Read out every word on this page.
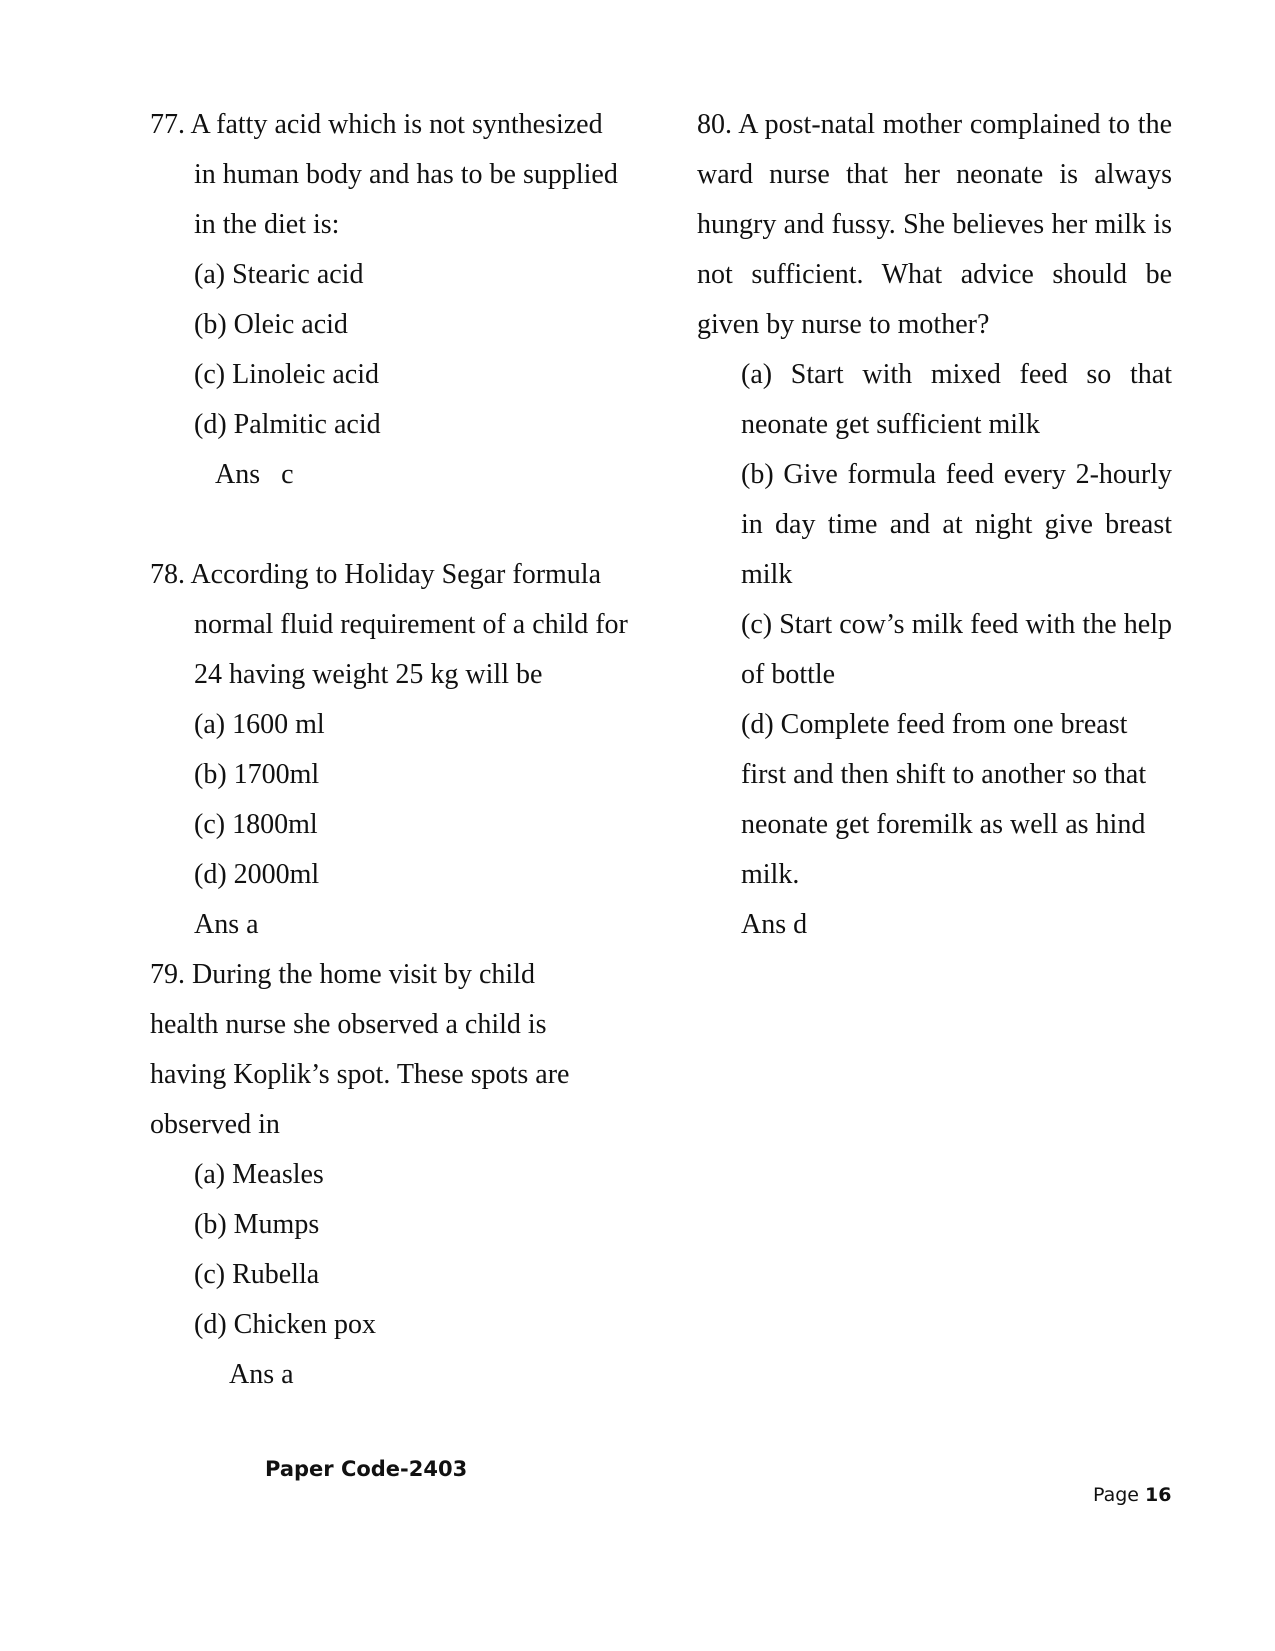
77. A fatty acid which is not synthesized in human body and has to be supplied in the diet is:

(a) Stearic acid

(b) Oleic acid

(c) Linoleic acid

(d) Palmitic acid

Ans   c

78. According to Holiday Segar formula normal fluid requirement of a child for 24 having weight 25 kg will be

(a) 1600 ml

(b) 1700ml

(c) 1800ml

(d) 2000ml

Ans a

79. During the home visit by child health nurse she observed a child is having Koplik’s spot. These spots are observed in

(a) Measles

(b) Mumps

(c) Rubella

(d) Chicken pox

Ans a

80. A post-natal mother complained to the ward nurse that her neonate is always hungry and fussy. She believes her milk is not sufficient. What advice should be given by nurse to mother?

(a) Start with mixed feed so that neonate get sufficient milk

(b) Give formula feed every 2-hourly in day time and at night give breast milk

(c) Start cow’s milk feed with the help of bottle

(d) Complete feed from one breast first and then shift to another so that neonate get foremilk as well as hind milk.

Ans d

Paper Code-2403
Page 16
